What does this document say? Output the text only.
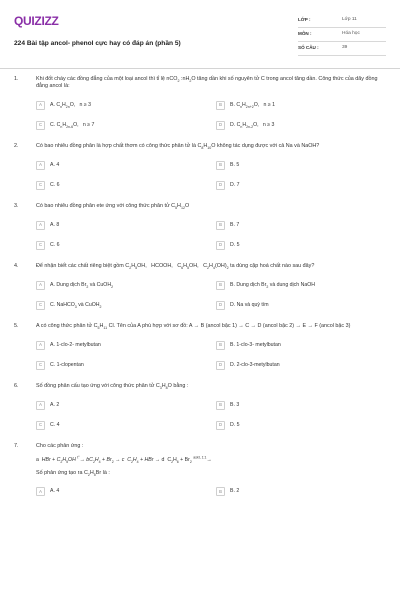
QUIZIZZ
224 Bài tập ancol- phenol cực hay có đáp án (phần 5)
LỚP :	Lớp 11
MÔN :	Hóa học
SỐ CÂU :	39
1.	Khi đốt cháy các đồng đẳng của một loại ancol thì tỉ lệ nCO$_2$ $:nH_2O$ tăng dần khi số nguyên tử C trong ancol tăng dần. Công thức của dãy đồng đẳng ancol là:
A	A. $C_nH_{2n}O$,   n ≥ 3	B	B. $C_nH_{2n+2}O$,   n ≥ 1
C	C. $C_nH_{2n-6}O$,   n ≥ 7	D	D. $C_nH_{2n-2}O$,   n ≥ 3
2.	Có bao nhiêu đồng phân là hợp chất thơm có công thức phân tử là $C_8H_{10}O$ không tác dụng được với cả Na và NaOH?
A	A. 4	B	B. 5
C	C. 6	D	D. 7
3.	Có bao nhiêu đồng phân ete ứng với công thức phân tử $C_5H_{12}O$
A	A. 8	B	B. 7
C	C. 6	D	D. 5
4.	Để nhận biết các chất riêng biệt gồm $C_2H_5OH$,   HCOOH,   $C_6H_5OH$,   $C_2H_4(OH)_2$ ta dùng cặp hoá chất nào sau đây?
A	A. Dung dịch $Br_2$ và CuOH$_2$	B	B. Dung dịch $Br_2$ và dung dịch NaOH
C	C. NaHCO$_3$ và CuOH$_2$	D	D. Na và quỳ tím
5.	A có công thức phân tử $C_5H_{11}$ Cl. Tên của A phù hợp với sơ đồ: A → B (ancol bậc 1) → C → D (ancol bậc 2) → E → F (ancol bậc 3)
A	A. 1-clo-2- metylbutan	B	B. 1-clo-3- metylbutan
C	C. 1-clopentan	D	D. 2-clo-3-metylbutan
6.	Số đồng phân cấu tạo ứng với công thức phân tử $C_3H_8O$ bằng :
A	A. 2	B	B. 3
C	C. 4	D	D. 5
7.	Cho các phản ứng :
a  HBr + $C_2H_5OH$ $^{t^\circ}\to bC_2H_4 + Br_2 \to c$ $C_2H_4$ + HBr → d  $C_2H_6 + Br_2$ $^{askt, 1:1}$→
Số phản ứng tạo ra $C_2H_5Br$ là :
A	A. 4	B	B. 2
